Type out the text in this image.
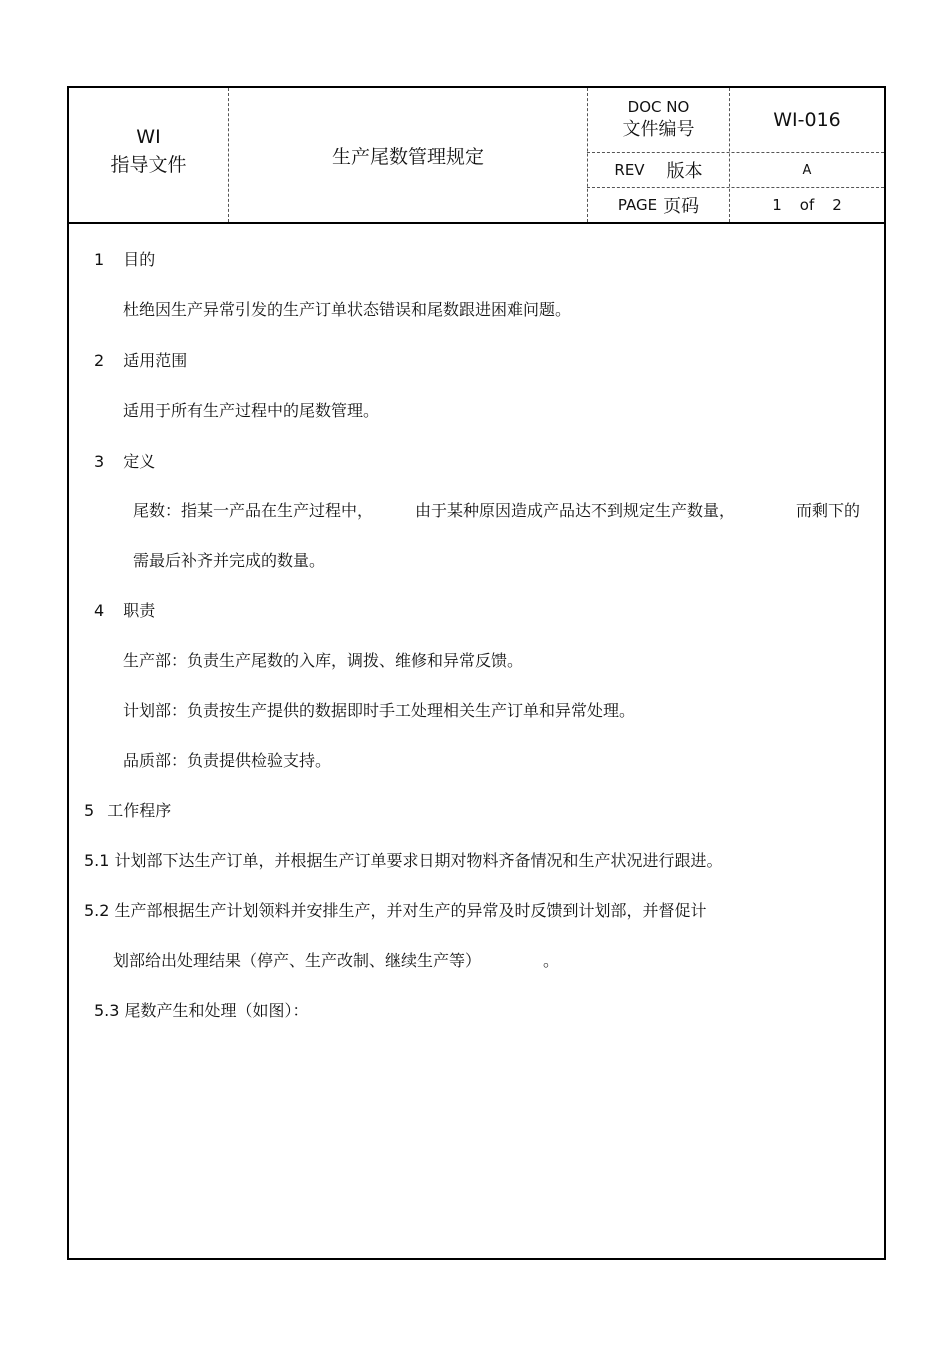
WI
指导文件	生产尾数管理规定
DOC NO
文件编号	WI-016
REV 版本	A
PAGE 页码	1 of 2
1 目的
杜绝因生产异常引发的生产订单状态错误和尾数跟进困难问题。
2 适用范围
适用于所有生产过程中的尾数管理。
3 定义
尾数：指某一产品在生产过程中，	由于某种原因造成产品达不到规定生产数量，	而剩下的
需最后补齐并完成的数量。
4 职责
生产部：负责生产尾数的入库，调拨、维修和异常反馈。
计划部：负责按生产提供的数据即时手工处理相关生产订单和异常处理。
品质部：负责提供检验支持。
5 工作程序
5.1 计划部下达生产订单，并根据生产订单要求日期对物料齐备情况和生产状况进行跟进。
5.2 生产部根据生产计划领料并安排生产，并对生产的异常及时反馈到计划部，并督促计
划部给出处理结果（停产、生产改制、继续生产等）	。
5.3 尾数产生和处理（如图）：
